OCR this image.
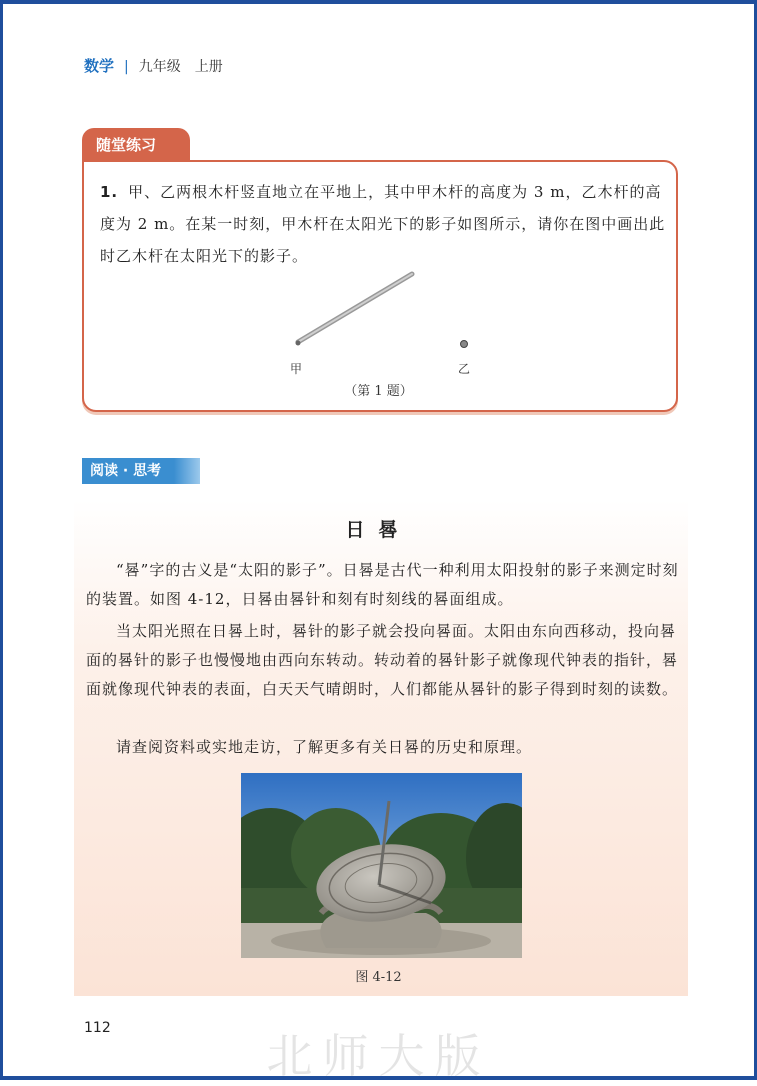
数学 | 九年级　上册
随堂练习
1. 甲、乙两根木杆竖直地立在平地上，其中甲木杆的高度为 3 m，乙木杆的高度为 2 m。在某一时刻，甲木杆在太阳光下的影子如图所示，请你在图中画出此时乙木杆在太阳光下的影子。
甲	乙
（第 1 题）
阅读 · 思考
日晷
“晷”字的古义是“太阳的影子”。日晷是古代一种利用太阳投射的影子来测定时刻的装置。如图 4-12，日晷由晷针和刻有时刻线的晷面组成。
当太阳光照在日晷上时，晷针的影子就会投向晷面。太阳由东向西移动，投向晷面的晷针的影子也慢慢地由西向东转动。转动着的晷针影子就像现代钟表的指针，晷面就像现代钟表的表面，白天天气晴朗时，人们都能从晷针的影子得到时刻的读数。
请查阅资料或实地走访，了解更多有关日晷的历史和原理。
图 4-12
112
北师大版
